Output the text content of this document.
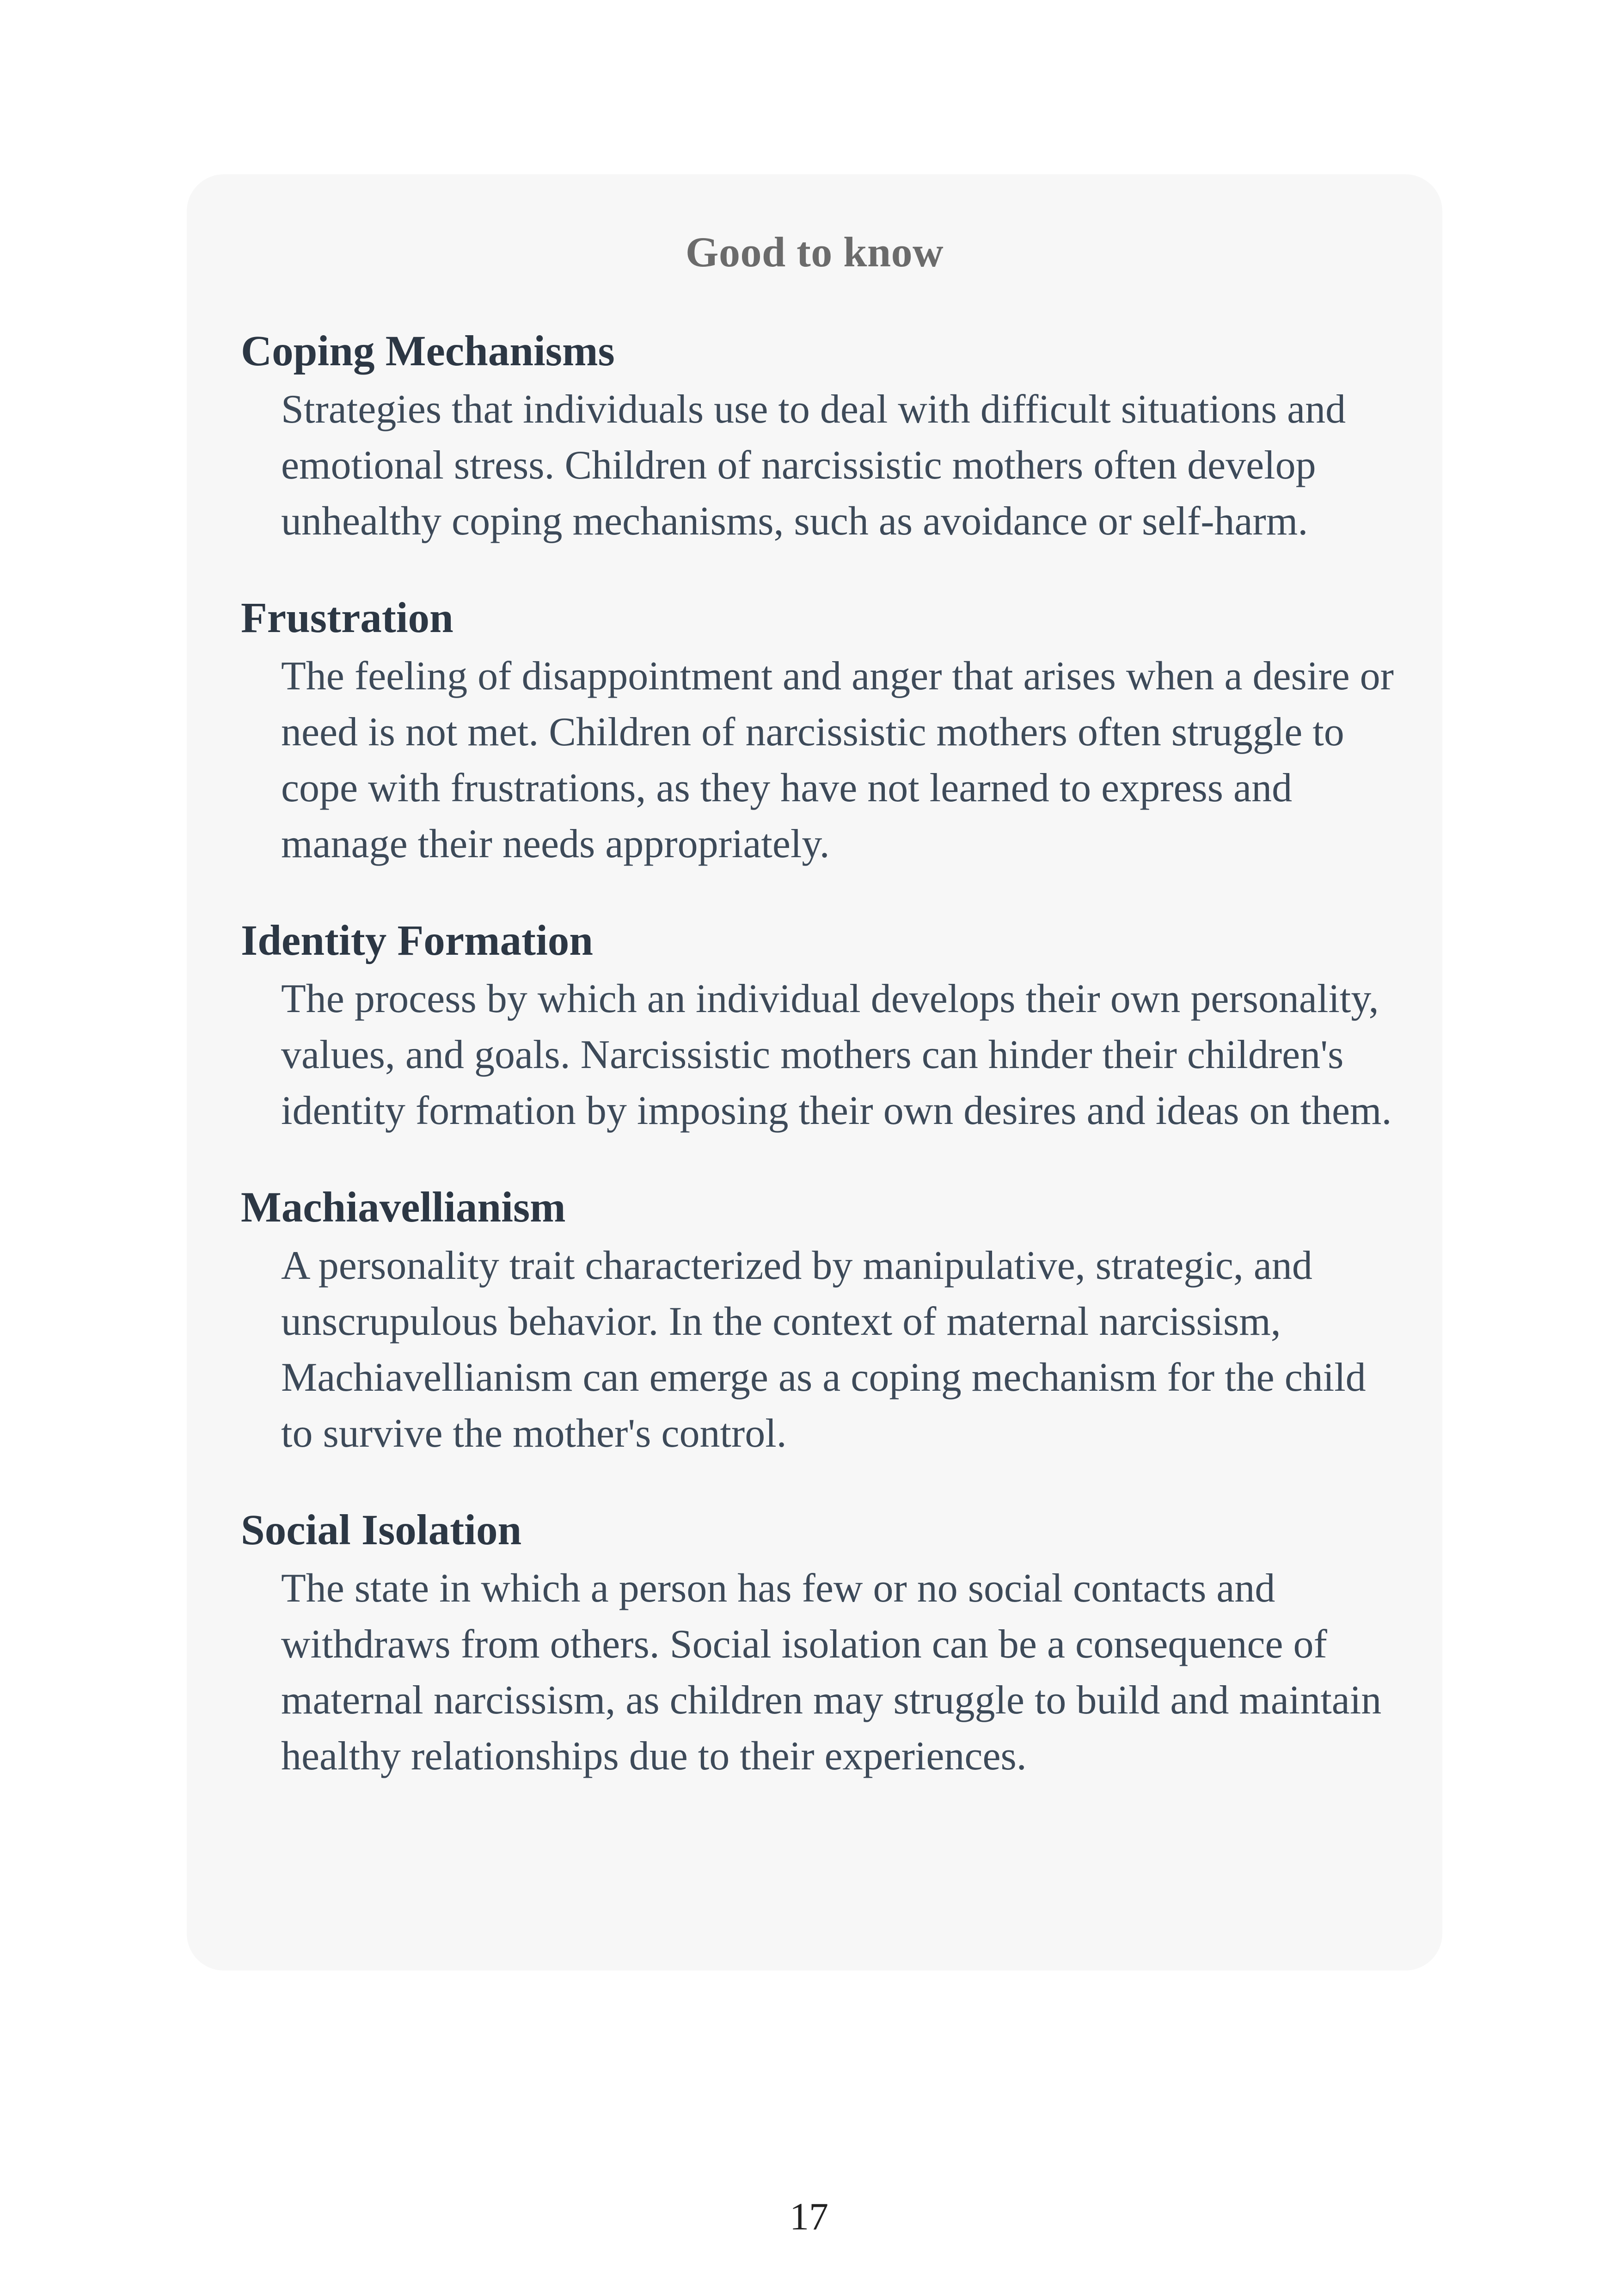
Good to know
Coping Mechanisms
Strategies that individuals use to deal with difficult situations and emotional stress. Children of narcissistic mothers often develop unhealthy coping mechanisms, such as avoidance or self-harm.
Frustration
The feeling of disappointment and anger that arises when a desire or need is not met. Children of narcissistic mothers often struggle to cope with frustrations, as they have not learned to express and manage their needs appropriately.
Identity Formation
The process by which an individual develops their own personality, values, and goals. Narcissistic mothers can hinder their children's identity formation by imposing their own desires and ideas on them.
Machiavellianism
A personality trait characterized by manipulative, strategic, and unscrupulous behavior. In the context of maternal narcissism, Machiavellianism can emerge as a coping mechanism for the child to survive the mother's control.
Social Isolation
The state in which a person has few or no social contacts and withdraws from others. Social isolation can be a consequence of maternal narcissism, as children may struggle to build and maintain healthy relationships due to their experiences.
17
